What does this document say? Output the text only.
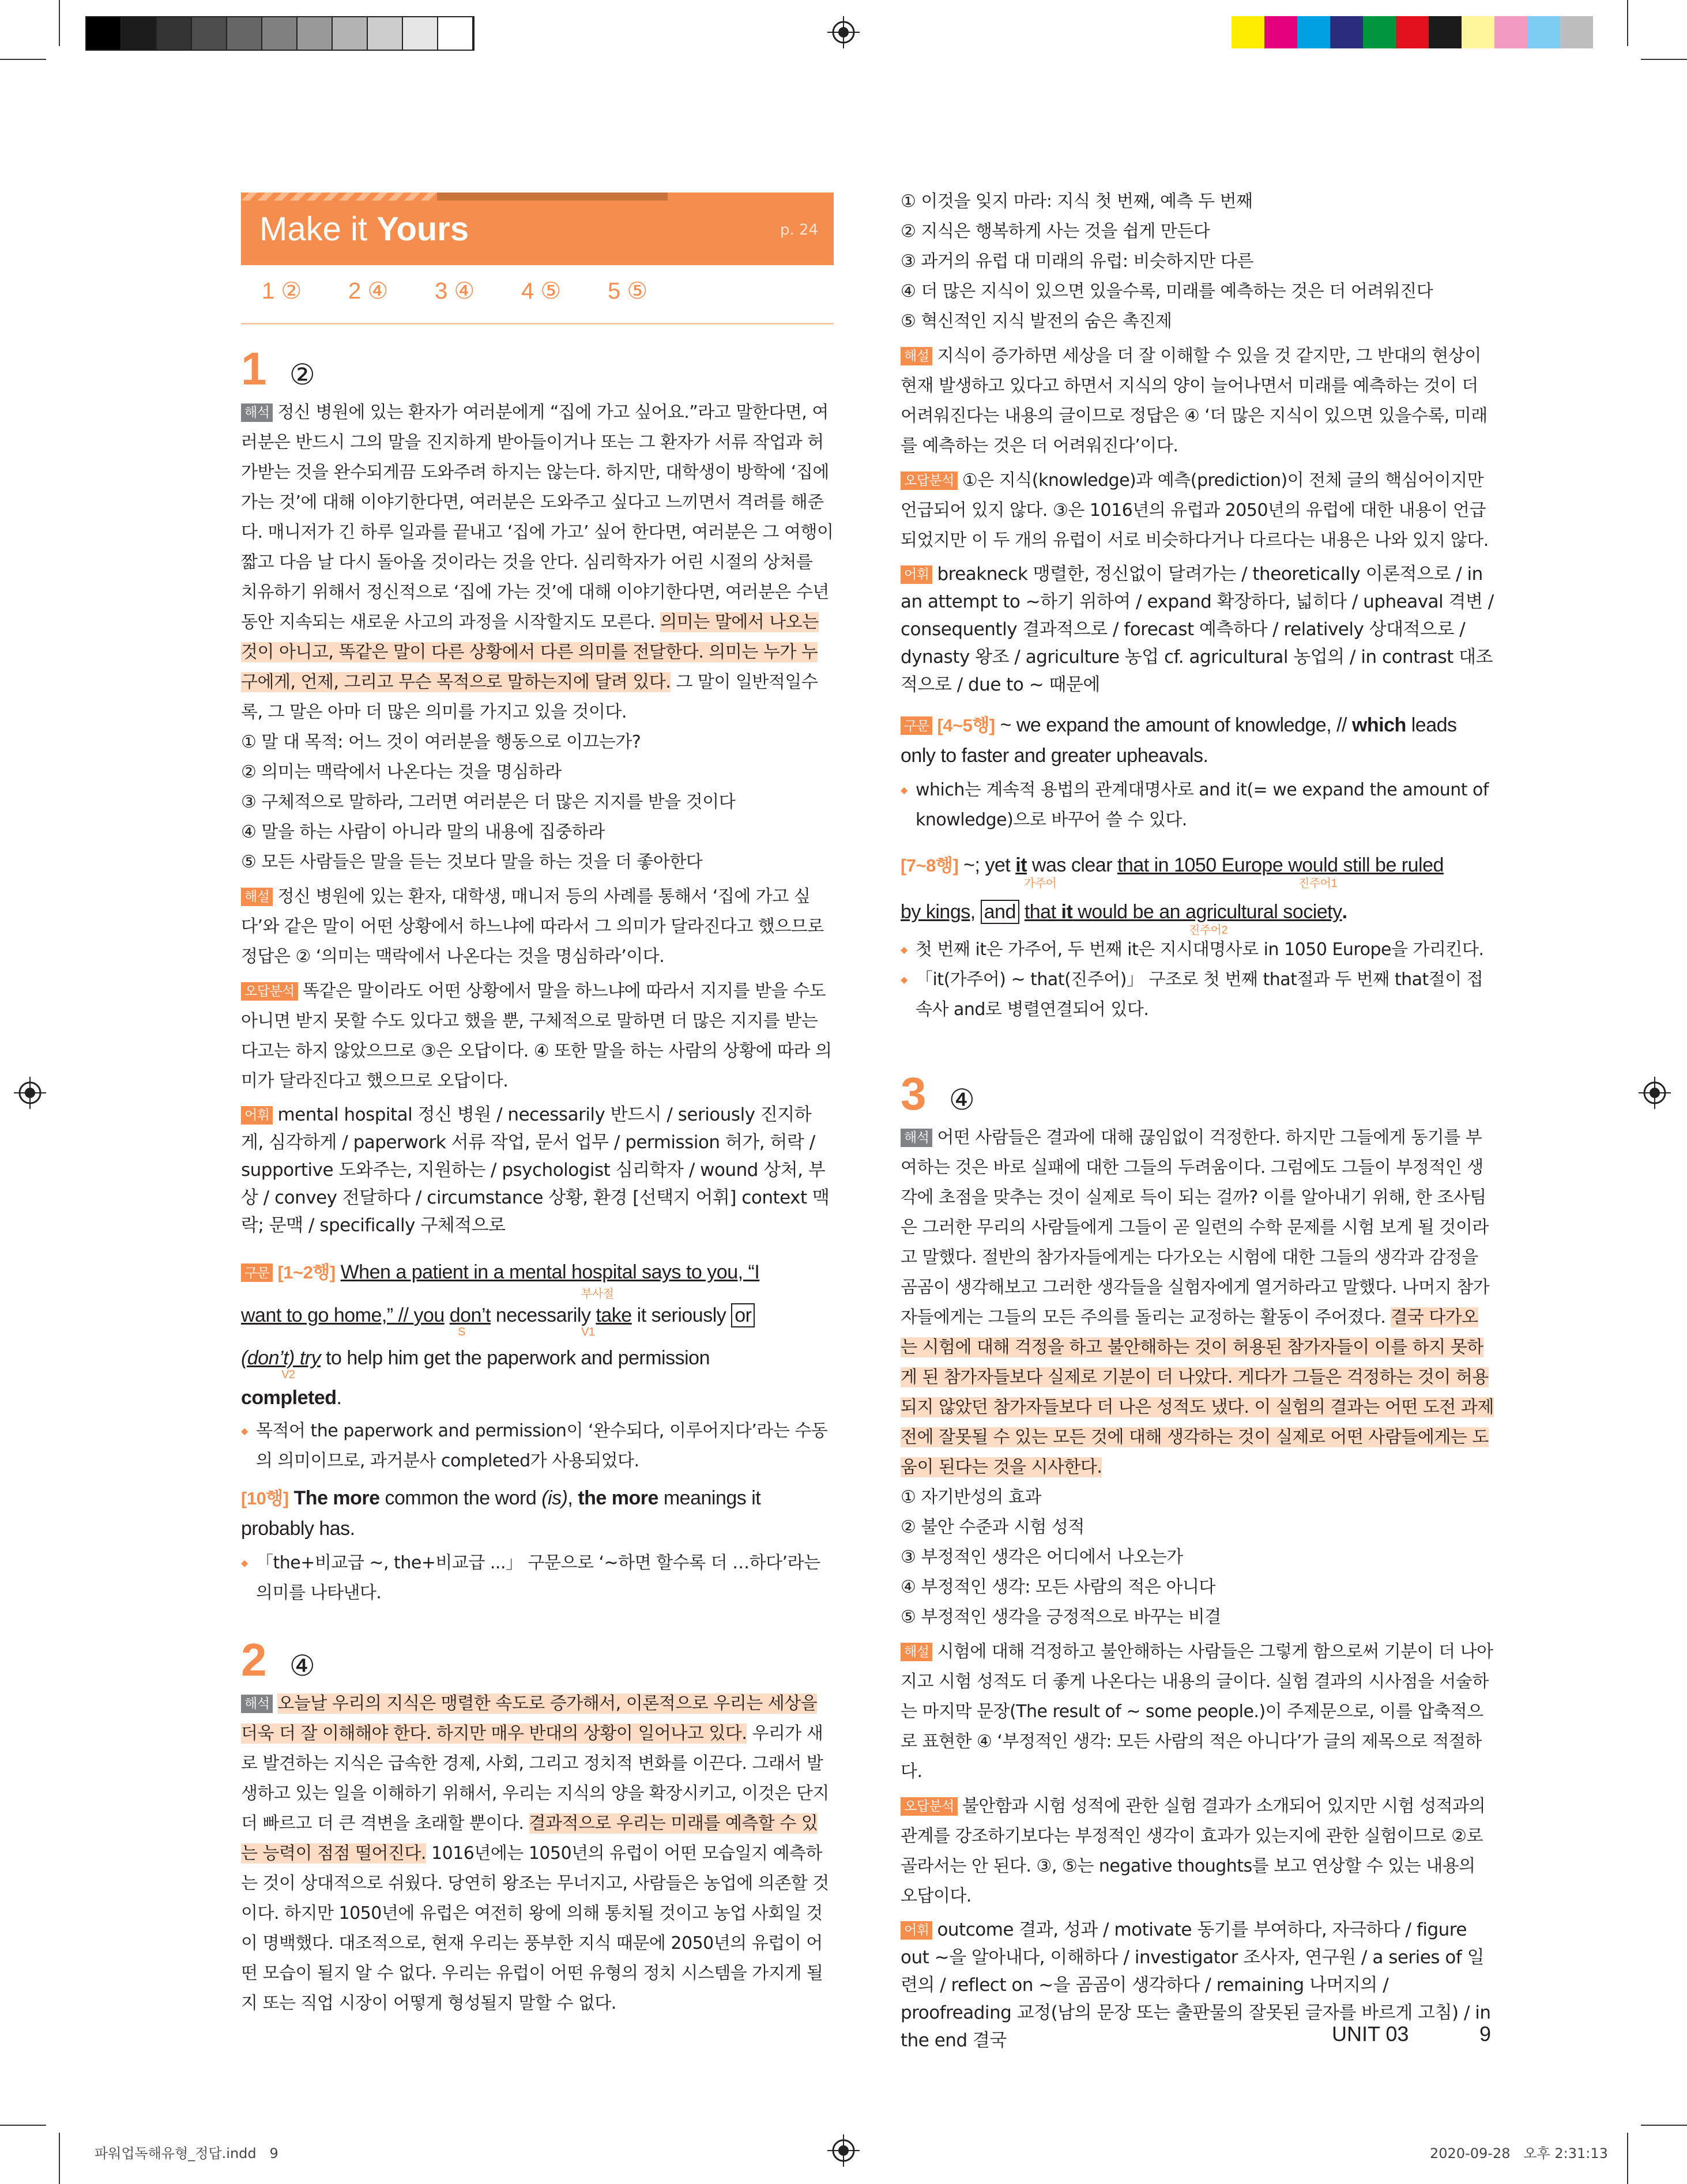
Make it Yours	p. 24
1 ②	2 ④	3 ④	4 ⑤	5 ⑤
1 ②

해석 정신 병원에 있는 환자가 여러분에게 “집에 가고 싶어요.”라고 말한다면, 여러분은 반드시 그의 말을 진지하게 받아들이거나 또는 그 환자가 서류 작업과 허가받는 것을 완수되게끔 도와주려 하지는 않는다. 하지만, 대학생이 방학에 ‘집에 가는 것’에 대해 이야기한다면, 여러분은 도와주고 싶다고 느끼면서 격려를 해준다. 매니저가 긴 하루 일과를 끝내고 ‘집에 가고’ 싶어 한다면, 여러분은 그 여행이 짧고 다음 날 다시 돌아올 것이라는 것을 안다. 심리학자가 어린 시절의 상처를 치유하기 위해서 정신적으로 ‘집에 가는 것’에 대해 이야기한다면, 여러분은 수년 동안 지속되는 새로운 사고의 과정을 시작할지도 모른다. 의미는 말에서 나오는 것이 아니고, 똑같은 말이 다른 상황에서 다른 의미를 전달한다. 의미는 누가 누구에게, 언제, 그리고 무슨 목적으로 말하는지에 달려 있다. 그 말이 일반적일수록, 그 말은 아마 더 많은 의미를 가지고 있을 것이다.

① 말 대 목적: 어느 것이 여러분을 행동으로 이끄는가?

② 의미는 맥락에서 나온다는 것을 명심하라

③ 구체적으로 말하라, 그러면 여러분은 더 많은 지지를 받을 것이다

④ 말을 하는 사람이 아니라 말의 내용에 집중하라

⑤ 모든 사람들은 말을 듣는 것보다 말을 하는 것을 더 좋아한다

해설 정신 병원에 있는 환자, 대학생, 매니저 등의 사례를 통해서 ‘집에 가고 싶다’와 같은 말이 어떤 상황에서 하느냐에 따라서 그 의미가 달라진다고 했으므로 정답은 ② ‘의미는 맥락에서 나온다는 것을 명심하라’이다.

오답분석 똑같은 말이라도 어떤 상황에서 말을 하느냐에 따라서 지지를 받을 수도 아니면 받지 못할 수도 있다고 했을 뿐, 구체적으로 말하면 더 많은 지지를 받는다고는 하지 않았으므로 ③은 오답이다. ④ 또한 말을 하는 사람의 상황에 따라 의미가 달라진다고 했으므로 오답이다.

어휘 mental hospital 정신 병원 / necessarily 반드시 / seriously 진지하게, 심각하게 / paperwork 서류 작업, 문서 업무 / permission 허가, 허락 / supportive 도와주는, 지원하는 / psychologist 심리학자 / wound 상처, 부상 / convey 전달하다 / circumstance 상황, 환경 [선택지 어휘] context 맥락; 문맥 / specifically 구체적으로

구문 [1~2행] When a patient in a mental hospital says to you, “I
want to go home,” // you don’t necessarily take it seriously or
부사절
S	V1
(don’t) try to help him get the paperwork and permission
V2
completed.

◆ 목적어 the paperwork and permission이 ‘완수되다, 이루어지다’라는 수동의 의미이므로, 과거분사 completed가 사용되었다.

[10행] The more common the word (is), the more meanings it probably has.

◆ 「the+비교급 ~, the+비교급 ...」 구문으로 ‘~하면 할수록 더 …하다’라는 의미를 나타낸다.

2 ④

해석 오늘날 우리의 지식은 맹렬한 속도로 증가해서, 이론적으로 우리는 세상을 더욱 더 잘 이해해야 한다. 하지만 매우 반대의 상황이 일어나고 있다. 우리가 새로 발견하는 지식은 급속한 경제, 사회, 그리고 정치적 변화를 이끈다. 그래서 발생하고 있는 일을 이해하기 위해서, 우리는 지식의 양을 확장시키고, 이것은 단지 더 빠르고 더 큰 격변을 초래할 뿐이다. 결과적으로 우리는 미래를 예측할 수 있는 능력이 점점 떨어진다. 1016년에는 1050년의 유럽이 어떤 모습일지 예측하는 것이 상대적으로 쉬웠다. 당연히 왕조는 무너지고, 사람들은 농업에 의존할 것이다. 하지만 1050년에 유럽은 여전히 왕에 의해 통치될 것이고 농업 사회일 것이 명백했다. 대조적으로, 현재 우리는 풍부한 지식 때문에 2050년의 유럽이 어떤 모습이 될지 알 수 없다. 우리는 유럽이 어떤 유형의 정치 시스템을 가지게 될지 또는 직업 시장이 어떻게 형성될지 말할 수 없다.

① 이것을 잊지 마라: 지식 첫 번째, 예측 두 번째

② 지식은 행복하게 사는 것을 쉽게 만든다

③ 과거의 유럽 대 미래의 유럽: 비슷하지만 다른

④ 더 많은 지식이 있으면 있을수록, 미래를 예측하는 것은 더 어려워진다

⑤ 혁신적인 지식 발전의 숨은 촉진제

해설 지식이 증가하면 세상을 더 잘 이해할 수 있을 것 같지만, 그 반대의 현상이 현재 발생하고 있다고 하면서 지식의 양이 늘어나면서 미래를 예측하는 것이 더 어려워진다는 내용의 글이므로 정답은 ④ ‘더 많은 지식이 있으면 있을수록, 미래를 예측하는 것은 더 어려워진다’이다.

오답분석 ①은 지식(knowledge)과 예측(prediction)이 전체 글의 핵심어이지만 언급되어 있지 않다. ③은 1016년의 유럽과 2050년의 유럽에 대한 내용이 언급되었지만 이 두 개의 유럽이 서로 비슷하다거나 다르다는 내용은 나와 있지 않다.

어휘 breakneck 맹렬한, 정신없이 달려가는 / theoretically 이론적으로 / in an attempt to ~하기 위하여 / expand 확장하다, 넓히다 / upheaval 격변 / consequently 결과적으로 / forecast 예측하다 / relatively 상대적으로 / dynasty 왕조 / agriculture 농업 cf. agricultural 농업의 / in contrast 대조적으로 / due to ~ 때문에

구문 [4~5행] ~ we expand the amount of knowledge, // which leads only to faster and greater upheavals.

◆ which는 계속적 용법의 관계대명사로 and it(= we expand the amount of knowledge)으로 바꾸어 쓸 수 있다.

[7~8행] ~; yet it was clear that in 1050 Europe would still be ruled
가주어	진주어1
by kings, and that it would be an agricultural society.
진주어2

◆ 첫 번째 it은 가주어, 두 번째 it은 지시대명사로 in 1050 Europe을 가리킨다.

◆ 「it(가주어) ~ that(진주어)」 구조로 첫 번째 that절과 두 번째 that절이 접속사 and로 병렬연결되어 있다.

3 ④

해석 어떤 사람들은 결과에 대해 끊임없이 걱정한다. 하지만 그들에게 동기를 부여하는 것은 바로 실패에 대한 그들의 두려움이다. 그럼에도 그들이 부정적인 생각에 초점을 맞추는 것이 실제로 득이 되는 걸까? 이를 알아내기 위해, 한 조사팀은 그러한 무리의 사람들에게 그들이 곧 일련의 수학 문제를 시험 보게 될 것이라고 말했다. 절반의 참가자들에게는 다가오는 시험에 대한 그들의 생각과 감정을 곰곰이 생각해보고 그러한 생각들을 실험자에게 열거하라고 말했다. 나머지 참가자들에게는 그들의 모든 주의를 돌리는 교정하는 활동이 주어졌다. 결국 다가오는 시험에 대해 걱정을 하고 불안해하는 것이 허용된 참가자들이 이를 하지 못하게 된 참가자들보다 실제로 기분이 더 나았다. 게다가 그들은 걱정하는 것이 허용되지 않았던 참가자들보다 더 나은 성적도 냈다. 이 실험의 결과는 어떤 도전 과제 전에 잘못될 수 있는 모든 것에 대해 생각하는 것이 실제로 어떤 사람들에게는 도움이 된다는 것을 시사한다.

① 자기반성의 효과

② 불안 수준과 시험 성적

③ 부정적인 생각은 어디에서 나오는가

④ 부정적인 생각: 모든 사람의 적은 아니다

⑤ 부정적인 생각을 긍정적으로 바꾸는 비결

해설 시험에 대해 걱정하고 불안해하는 사람들은 그렇게 함으로써 기분이 더 나아지고 시험 성적도 더 좋게 나온다는 내용의 글이다. 실험 결과의 시사점을 서술하는 마지막 문장(The result of ~ some people.)이 주제문으로, 이를 압축적으로 표현한 ④ ‘부정적인 생각: 모든 사람의 적은 아니다’가 글의 제목으로 적절하다.

오답분석 불안함과 시험 성적에 관한 실험 결과가 소개되어 있지만 시험 성적과의 관계를 강조하기보다는 부정적인 생각이 효과가 있는지에 관한 실험이므로 ②로 골라서는 안 된다. ③, ⑤는 negative thoughts를 보고 연상할 수 있는 내용의 오답이다.

어휘 outcome 결과, 성과 / motivate 동기를 부여하다, 자극하다 / figure out ~을 알아내다, 이해하다 / investigator 조사자, 연구원 / a series of 일련의 / reflect on ~을 곰곰이 생각하다 / remaining 나머지의 / proofreading 교정(남의 문장 또는 출판물의 잘못된 글자를 바르게 고침) / in the end 결국	UNIT 03	9
파워업독해유형_정답.indd   9	2020-09-28   오후 2:31:13
